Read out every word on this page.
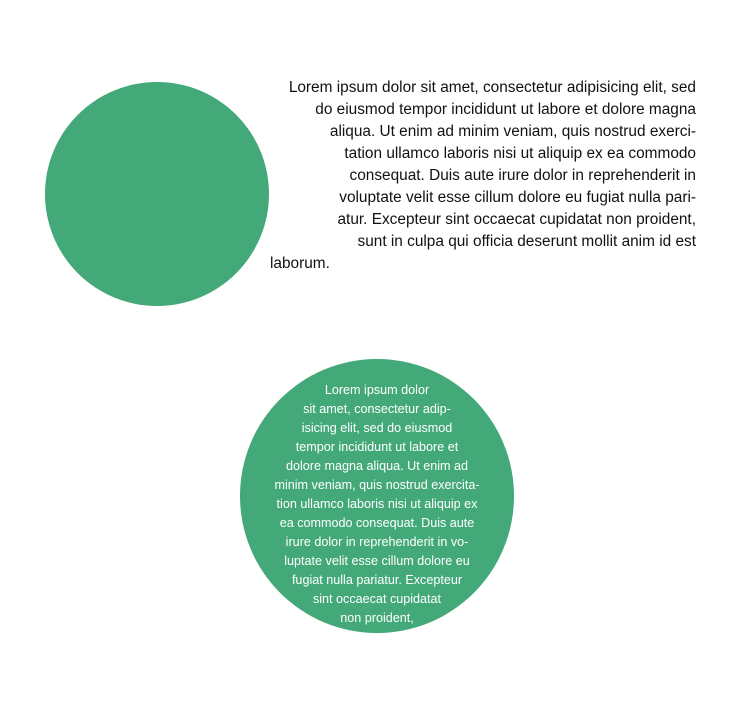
Lorem ipsum dolor sit amet, consectetur adipisicing elit, sed
do eiusmod tempor incididunt ut labore et dolore magna
aliqua. Ut enim ad minim veniam, quis nostrud exerci-
tation ullamco laboris nisi ut aliquip ex ea commodo
consequat. Duis aute irure dolor in reprehenderit in
voluptate velit esse cillum dolore eu fugiat nulla pari-
atur. Excepteur sint occaecat cupidatat non proident,
sunt in culpa qui officia deserunt mollit anim id est
laborum.
Lorem ipsum dolor
sit amet, consectetur adip-
isicing elit, sed do eiusmod
tempor incididunt ut labore et
dolore magna aliqua. Ut enim ad
minim veniam, quis nostrud exercita-
tion ullamco laboris nisi ut aliquip ex
ea commodo consequat. Duis aute
irure dolor in reprehenderit in vo-
luptate velit esse cillum dolore eu
fugiat nulla pariatur. Excepteur
sint occaecat cupidatat
non proident,
